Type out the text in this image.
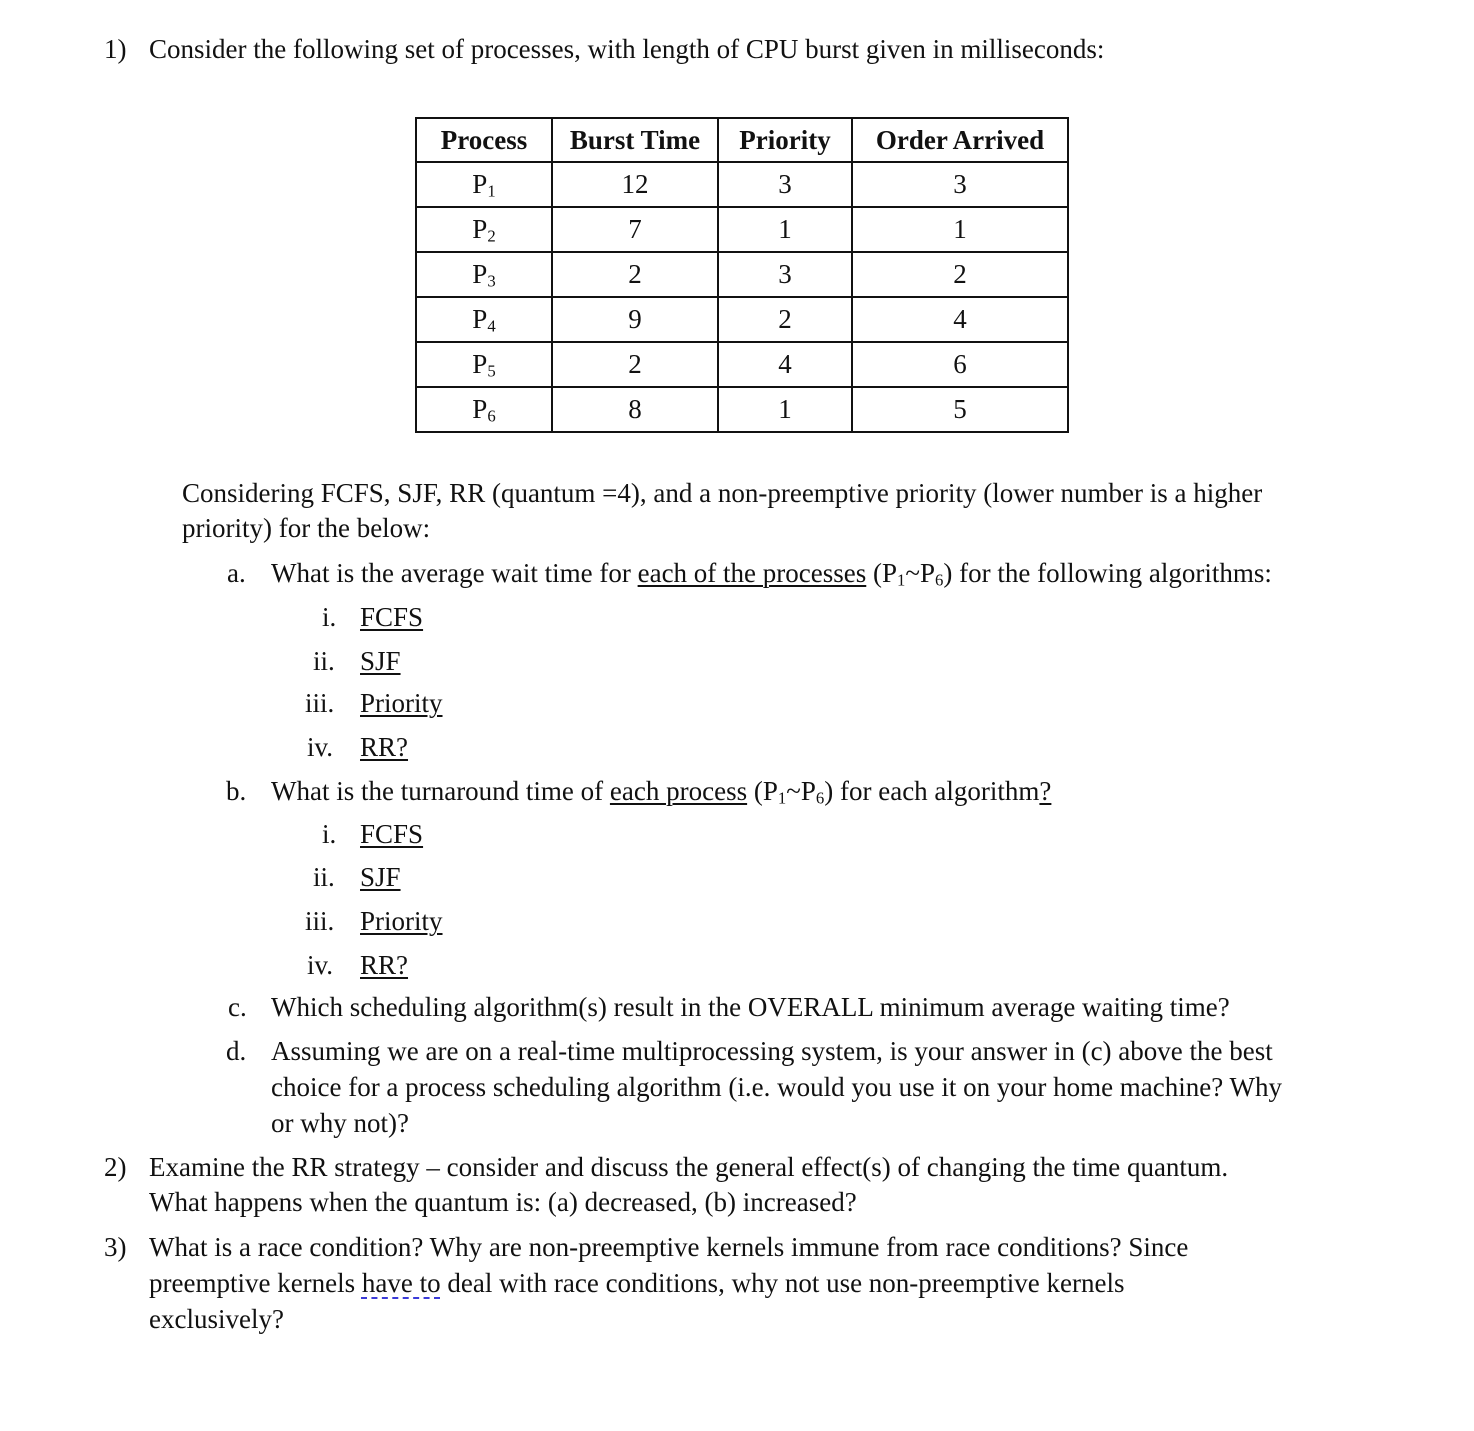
1) Consider the following set of processes, with length of CPU burst given in milliseconds:
Process	Burst Time	Priority	Order Arrived
$P_1$	12	3	3
$P_2$	7	1	1
$P_3$	2	3	2
$P_4$	9	2	4
$P_5$	2	4	6
$P_6$	8	1	5
Considering FCFS, SJF, RR (quantum =4), and a non-preemptive priority (lower number is a higher
priority) for the below:
a. What is the average wait time for each of the processes $(P_1\sim P_6)$ for the following algorithms:
i. FCFS
ii. SJF
iii. Priority
iv. RR?
b. What is the turnaround time of each process $(P_1\sim P_6)$ for each algorithm?
i. FCFS
ii. SJF
iii. Priority
iv. RR?
c. Which scheduling algorithm(s) result in the OVERALL minimum average waiting time?
d. Assuming we are on a real-time multiprocessing system, is your answer in (c) above the best
choice for a process scheduling algorithm (i.e. would you use it on your home machine? Why
or why not)?
2) Examine the RR strategy – consider and discuss the general effect(s) of changing the time quantum.
What happens when the quantum is: (a) decreased, (b) increased?
3) What is a race condition? Why are non-preemptive kernels immune from race conditions? Since
preemptive kernels have to deal with race conditions, why not use non-preemptive kernels
exclusively?
